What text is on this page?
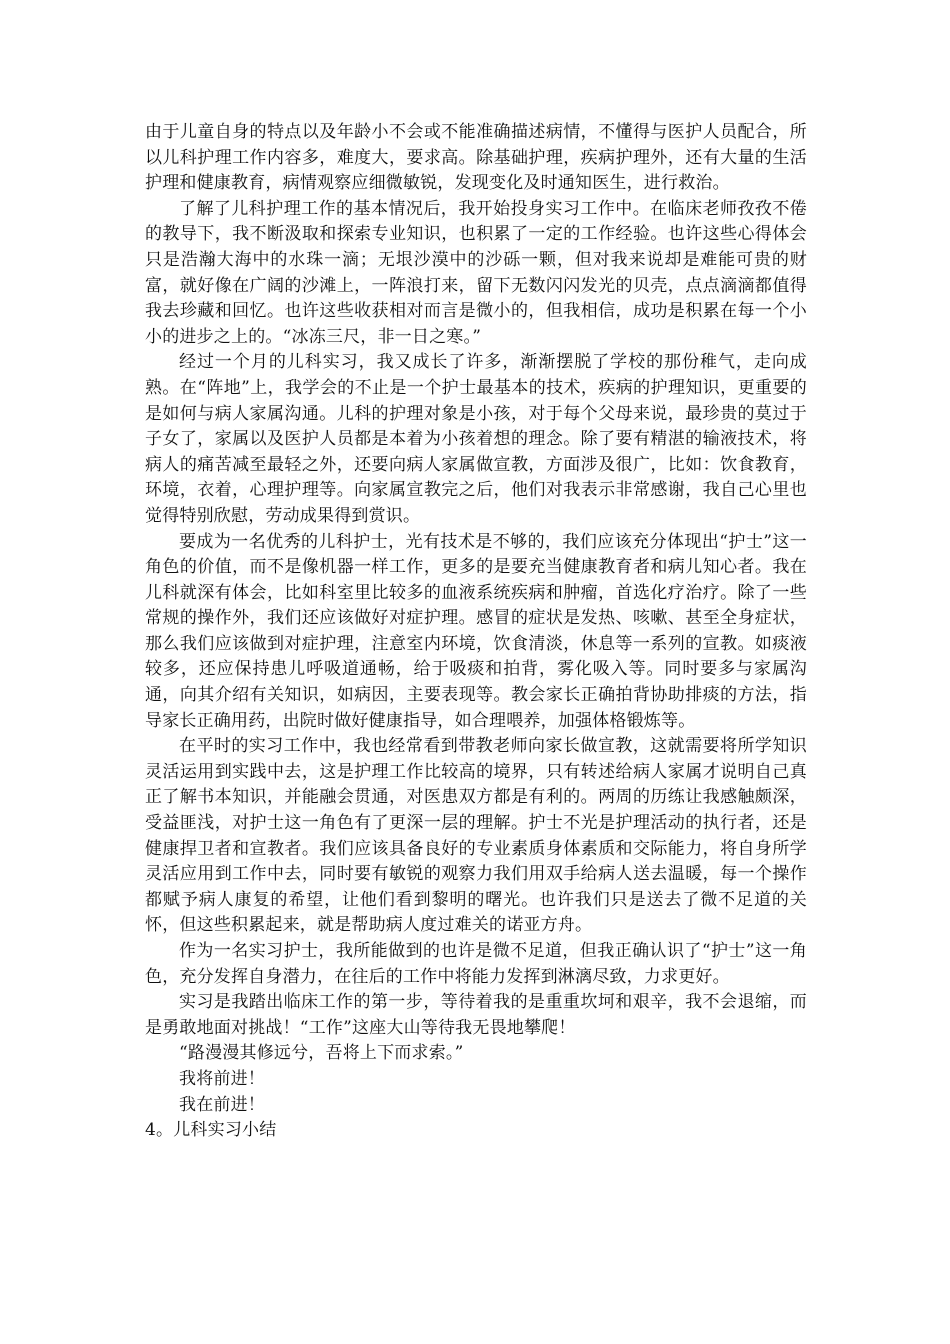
由于儿童自身的特点以及年龄小不会或不能准确描述病情，不懂得与医护人员配合，所以儿科护理工作内容多，难度大，要求高。除基础护理，疾病护理外，还有大量的生活护理和健康教育，病情观察应细微敏锐，发现变化及时通知医生，进行救治。

了解了儿科护理工作的基本情况后，我开始投身实习工作中。在临床老师孜孜不倦的教导下，我不断汲取和探索专业知识，也积累了一定的工作经验。也许这些心得体会只是浩瀚大海中的水珠一滴；无垠沙漠中的沙砾一颗，但对我来说却是难能可贵的财富，就好像在广阔的沙滩上，一阵浪打来，留下无数闪闪发光的贝壳，点点滴滴都值得我去珍藏和回忆。也许这些收获相对而言是微小的，但我相信，成功是积累在每一个小小的进步之上的。“冰冻三尺，非一日之寒。”

经过一个月的儿科实习，我又成长了许多，渐渐摆脱了学校的那份稚气，走向成熟。在“阵地”上，我学会的不止是一个护士最基本的技术，疾病的护理知识，更重要的是如何与病人家属沟通。儿科的护理对象是小孩，对于每个父母来说，最珍贵的莫过于子女了，家属以及医护人员都是本着为小孩着想的理念。除了要有精湛的输液技术，将病人的痛苦减至最轻之外，还要向病人家属做宣教，方面涉及很广，比如：饮食教育，环境，衣着，心理护理等。向家属宣教完之后，他们对我表示非常感谢，我自己心里也觉得特别欣慰，劳动成果得到赏识。

要成为一名优秀的儿科护士，光有技术是不够的，我们应该充分体现出“护士”这一角色的价值，而不是像机器一样工作，更多的是要充当健康教育者和病儿知心者。我在儿科就深有体会，比如科室里比较多的血液系统疾病和肿瘤，首选化疗治疗。除了一些常规的操作外，我们还应该做好对症护理。感冒的症状是发热、咳嗽、甚至全身症状，那么我们应该做到对症护理，注意室内环境，饮食清淡，休息等一系列的宣教。如痰液较多，还应保持患儿呼吸道通畅，给于吸痰和拍背，雾化吸入等。同时要多与家属沟通，向其介绍有关知识，如病因，主要表现等。教会家长正确拍背协助排痰的方法，指导家长正确用药，出院时做好健康指导，如合理喂养，加强体格锻炼等。

在平时的实习工作中，我也经常看到带教老师向家长做宣教，这就需要将所学知识灵活运用到实践中去，这是护理工作比较高的境界，只有转述给病人家属才说明自己真正了解书本知识，并能融会贯通，对医患双方都是有利的。两周的历练让我感触颇深，受益匪浅，对护士这一角色有了更深一层的理解。护士不光是护理活动的执行者，还是健康捍卫者和宣教者。我们应该具备良好的专业素质身体素质和交际能力，将自身所学灵活应用到工作中去，同时要有敏锐的观察力我们用双手给病人送去温暖，每一个操作都赋予病人康复的希望，让他们看到黎明的曙光。也许我们只是送去了微不足道的关怀，但这些积累起来，就是帮助病人度过难关的诺亚方舟。

作为一名实习护士，我所能做到的也许是微不足道，但我正确认识了“护士”这一角色，充分发挥自身潜力，在往后的工作中将能力发挥到淋漓尽致，力求更好。

实习是我踏出临床工作的第一步，等待着我的是重重坎坷和艰辛，我不会退缩，而是勇敢地面对挑战！“工作”这座大山等待我无畏地攀爬！

“路漫漫其修远兮，吾将上下而求索。”

我将前进！

我在前进！

4。儿科实习小结
